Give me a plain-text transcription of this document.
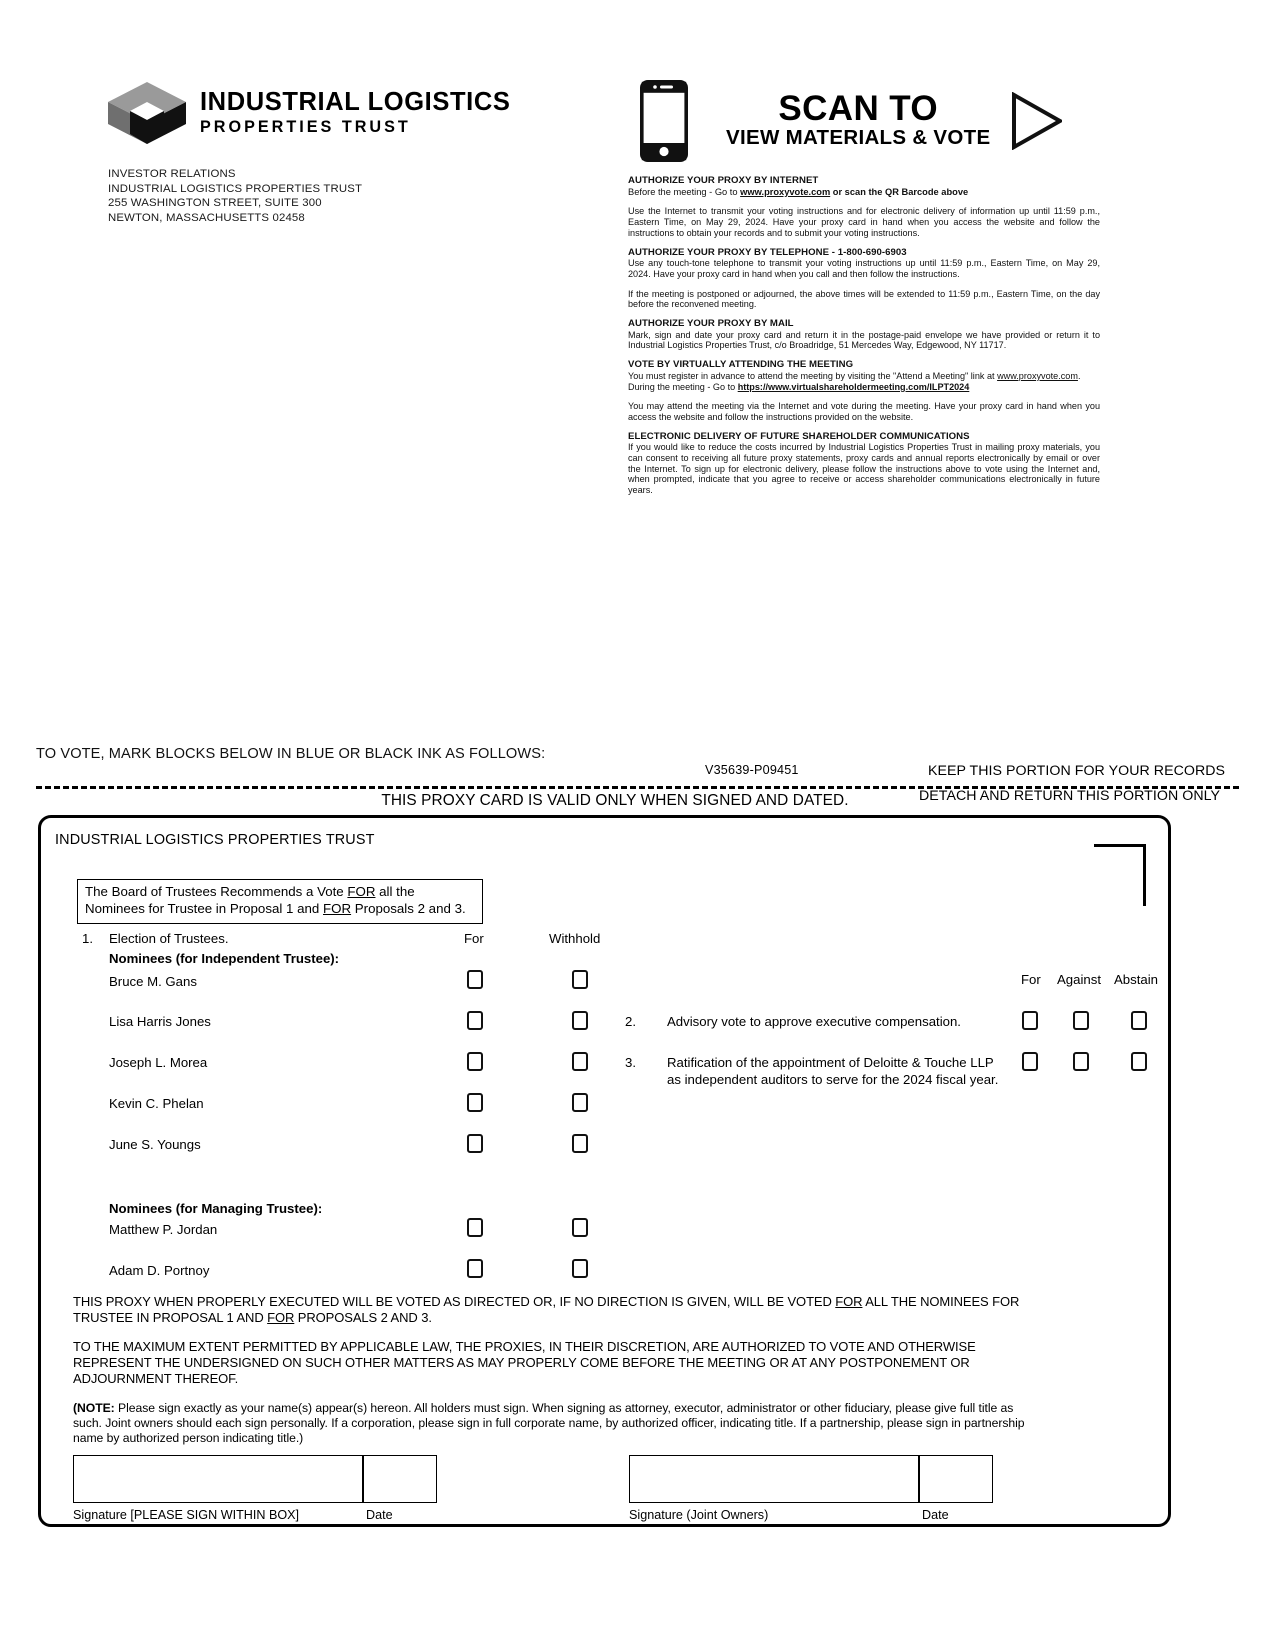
INDUSTRIAL LOGISTICS
PROPERTIES TRUST
INVESTOR RELATIONS
INDUSTRIAL LOGISTICS PROPERTIES TRUST
255 WASHINGTON STREET, SUITE 300
NEWTON, MASSACHUSETTS 02458
SCAN TO
VIEW MATERIALS & VOTE
AUTHORIZE YOUR PROXY BY INTERNET
Before the meeting - Go to www.proxyvote.com or scan the QR Barcode above
Use the Internet to transmit your voting instructions and for electronic delivery of information up until 11:59 p.m., Eastern Time, on May 29, 2024. Have your proxy card in hand when you access the website and follow the instructions to obtain your records and to submit your voting instructions.
AUTHORIZE YOUR PROXY BY TELEPHONE - 1-800-690-6903
Use any touch-tone telephone to transmit your voting instructions up until 11:59 p.m., Eastern Time, on May 29, 2024. Have your proxy card in hand when you call and then follow the instructions.
If the meeting is postponed or adjourned, the above times will be extended to 11:59 p.m., Eastern Time, on the day before the reconvened meeting.
AUTHORIZE YOUR PROXY BY MAIL
Mark, sign and date your proxy card and return it in the postage-paid envelope we have provided or return it to Industrial Logistics Properties Trust, c/o Broadridge, 51 Mercedes Way, Edgewood, NY 11717.
VOTE BY VIRTUALLY ATTENDING THE MEETING
You must register in advance to attend the meeting by visiting the "Attend a Meeting" link at www.proxyvote.com.
During the meeting - Go to https://www.virtualshareholdermeeting.com/ILPT2024
You may attend the meeting via the Internet and vote during the meeting. Have your proxy card in hand when you access the website and follow the instructions provided on the website.
ELECTRONIC DELIVERY OF FUTURE SHAREHOLDER COMMUNICATIONS
If you would like to reduce the costs incurred by Industrial Logistics Properties Trust in mailing proxy materials, you can consent to receiving all future proxy statements, proxy cards and annual reports electronically by email or over the Internet. To sign up for electronic delivery, please follow the instructions above to vote using the Internet and, when prompted, indicate that you agree to receive or access shareholder communications electronically in future years.
TO VOTE, MARK BLOCKS BELOW IN BLUE OR BLACK INK AS FOLLOWS:
V35639-P09451
THIS PROXY CARD IS VALID ONLY WHEN SIGNED AND DATED.
KEEP THIS PORTION FOR YOUR RECORDS
DETACH AND RETURN THIS PORTION ONLY
INDUSTRIAL LOGISTICS PROPERTIES TRUST
The Board of Trustees Recommends a Vote FOR all the Nominees for Trustee in Proposal 1 and FOR Proposals 2 and 3.
1. Election of Trustees.
Nominees (for Independent Trustee):
For	Withhold
Bruce M. Gans
Lisa Harris Jones
Joseph L. Morea
Kevin C. Phelan
June S. Youngs
Nominees (for Managing Trustee):
Matthew P. Jordan
Adam D. Portnoy
For Against Abstain
2. Advisory vote to approve executive compensation.
3. Ratification of the appointment of Deloitte & Touche LLP
as independent auditors to serve for the 2024 fiscal year.
THIS PROXY WHEN PROPERLY EXECUTED WILL BE VOTED AS DIRECTED OR, IF NO DIRECTION IS GIVEN, WILL BE VOTED FOR ALL THE NOMINEES FOR TRUSTEE IN PROPOSAL 1 AND FOR PROPOSALS 2 AND 3.
TO THE MAXIMUM EXTENT PERMITTED BY APPLICABLE LAW, THE PROXIES, IN THEIR DISCRETION, ARE AUTHORIZED TO VOTE AND OTHERWISE REPRESENT THE UNDERSIGNED ON SUCH OTHER MATTERS AS MAY PROPERLY COME BEFORE THE MEETING OR AT ANY POSTPONEMENT OR ADJOURNMENT THEREOF.
(NOTE: Please sign exactly as your name(s) appear(s) hereon. All holders must sign. When signing as attorney, executor, administrator or other fiduciary, please give full title as such. Joint owners should each sign personally. If a corporation, please sign in full corporate name, by authorized officer, indicating title. If a partnership, please sign in partnership name by authorized person indicating title.)
Signature [PLEASE SIGN WITHIN BOX]	Date	Signature (Joint Owners)	Date
